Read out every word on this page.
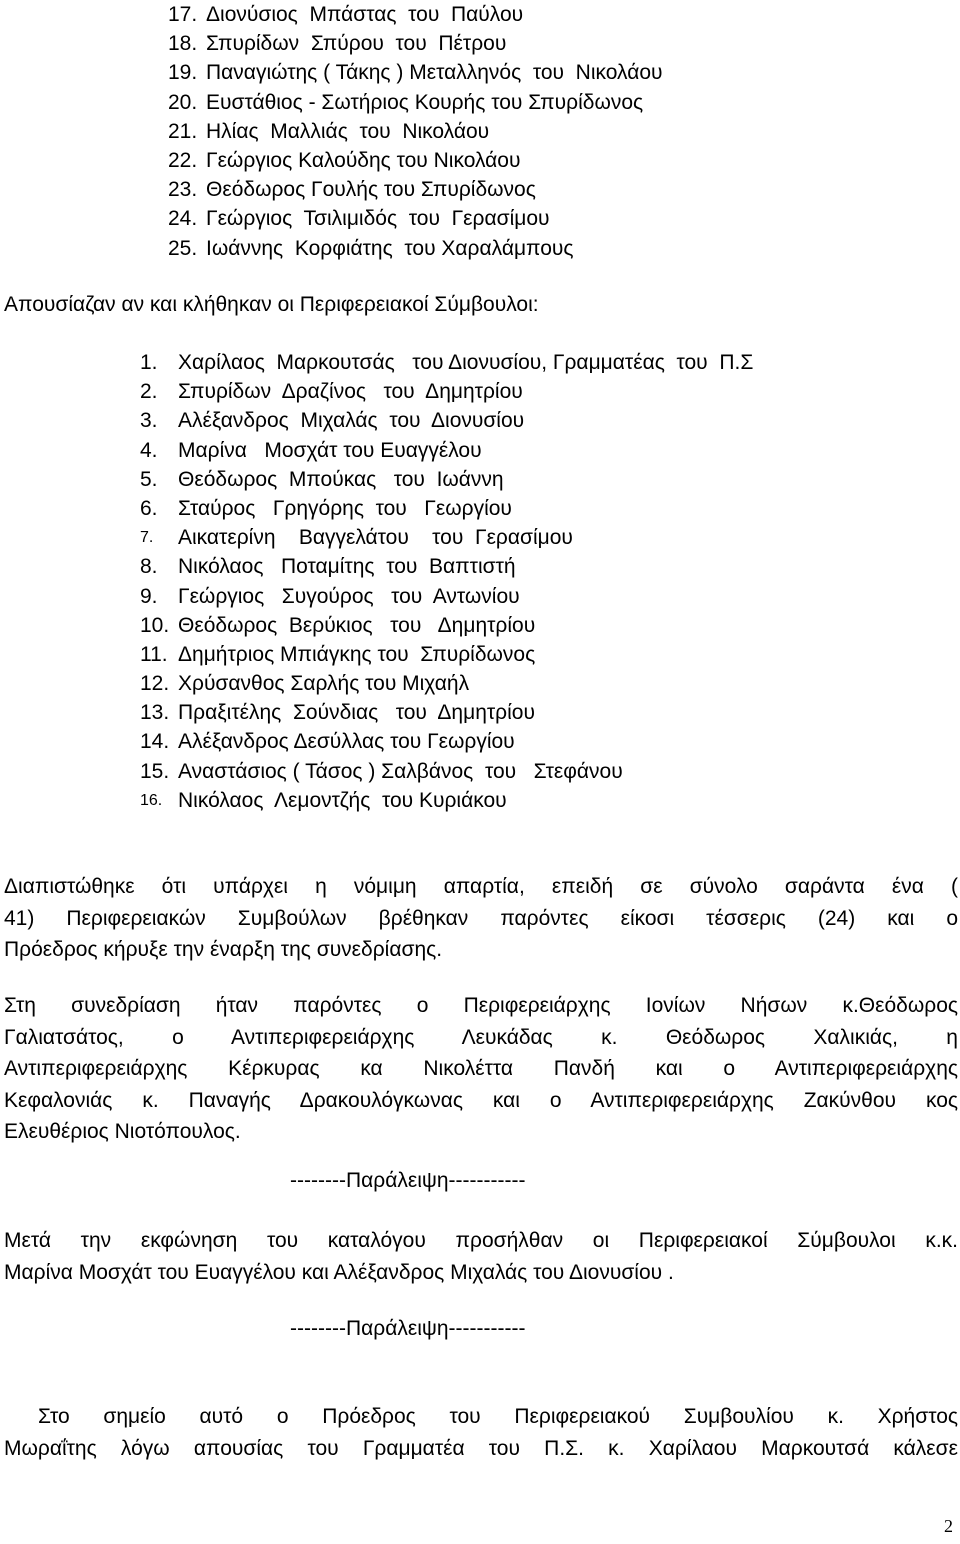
17. Διονύσιος  Μπάστας  του  Παύλου
18. Σπυρίδων  Σπύρου  του  Πέτρου
19. Παναγιώτης ( Τάκης ) Μεταλληνός  του  Νικολάου
20. Ευστάθιος - Σωτήριος Κουρής του Σπυρίδωνος
21. Ηλίας  Μαλλιάς  του  Νικολάου
22. Γεώργιος Καλούδης του Νικολάου
23. Θεόδωρος Γουλής του Σπυρίδωνος
24. Γεώργιος  Τσιλιμιδός  του  Γερασίμου
25. Ιωάννης  Κορφιάτης  του Χαραλάμπους
Απουσίαζαν αν και κλήθηκαν οι Περιφερειακοί Σύμβουλοι:
1. Χαρίλαος  Μαρκουτσάς   του Διονυσίου, Γραμματέας  του  Π.Σ
2. Σπυρίδων  Δραζίνος   του  Δημητρίου
3. Αλέξανδρος  Μιχαλάς  του  Διονυσίου
4. Μαρίνα   Μοσχάτ του Ευαγγέλου
5. Θεόδωρος  Μπούκας   του  Ιωάννη
6. Σταύρος   Γρηγόρης  του   Γεωργίου
7.	Αικατερίνη    Βαγγελάτου    του  Γερασίμου
8. Νικόλαος   Ποταμίτης  του  Βαπτιστή
9. Γεώργιος   Συγούρος   του  Αντωνίου
10. Θεόδωρος  Βερύκιος   του   Δημητρίου
11. Δημήτριος Μπιάγκης του  Σπυρίδωνος
12. Χρύσανθος Σαρλής του Μιχαήλ
13. Πραξιτέλης  Σούνδιας   του  Δημητρίου
14. Αλέξανδρος Δεσύλλας του Γεωργίου
15. Αναστάσιος ( Τάσος ) Σαλβάνος  του   Στεφάνου
16. Νικόλαος  Λεμοντζής  του Κυριάκου
Διαπιστώθηκε ότι υπάρχει η νόμιμη απαρτία, επειδή σε σύνολο σαράντα ένα (
41) Περιφερειακών Συμβούλων βρέθηκαν παρόντες είκοσι τέσσερις (24) και ο
Πρόεδρος κήρυξε την έναρξη της συνεδρίασης.
Στη συνεδρίαση ήταν παρόντες ο Περιφερειάρχης Ιονίων Νήσων κ.Θεόδωρος
Γαλιατσάτος, ο Αντιπεριφερειάρχης Λευκάδας κ. Θεόδωρος Χαλικιάς, η
Αντιπεριφερειάρχης Κέρκυρας κα Νικολέττα Πανδή και ο Αντιπεριφερειάρχης
Κεφαλονιάς κ. Παναγής Δρακουλόγκωνας και ο Αντιπεριφερειάρχης Ζακύνθου κος
Ελευθέριος Νιοτόπουλος.
--------Παράλειψη-----------
Μετά την εκφώνηση του καταλόγου προσήλθαν οι Περιφερειακοί Σύμβουλοι κ.κ.
Μαρίνα Μοσχάτ του Ευαγγέλου και Αλέξανδρος Μιχαλάς του Διονυσίου .
--------Παράλειψη-----------
Στο σημείο αυτό ο Πρόεδρος του Περιφερειακού Συμβουλίου κ. Χρήστος
Μωραΐτης λόγω απουσίας του Γραμματέα του Π.Σ. κ. Χαρίλαου Μαρκουτσά κάλεσε
2
